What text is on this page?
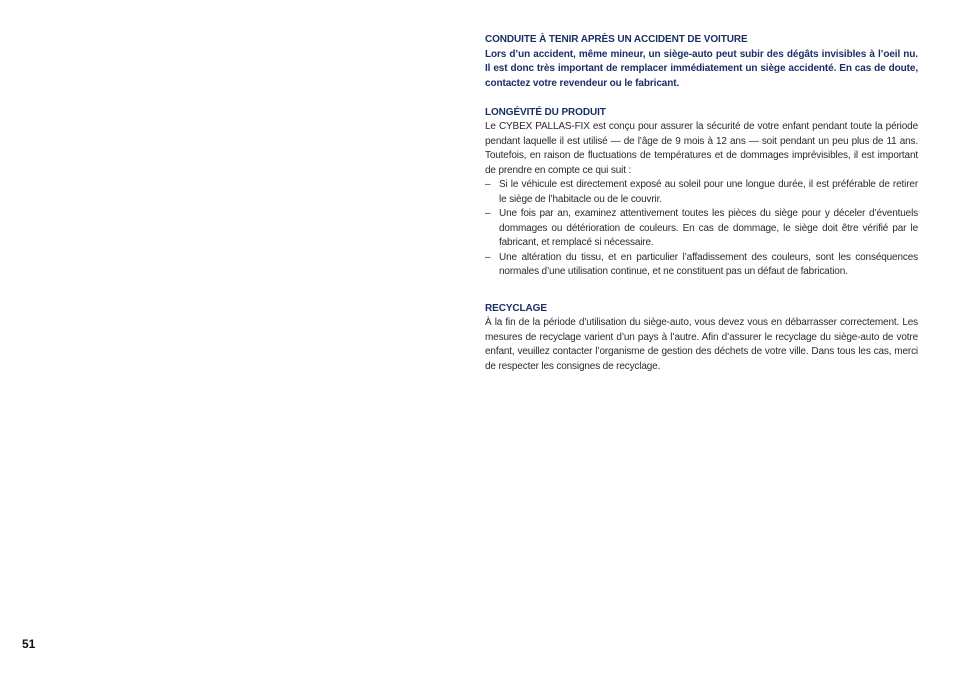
CONDUITE À TENIR APRÈS UN ACCIDENT DE VOITURE

Lors d’un accident, même mineur, un siège-auto peut subir des dégâts invisibles à l’oeil nu. Il est donc très important de remplacer immédiatement un siège accidenté. En cas de doute, contactez votre revendeur ou le fabricant.

LONGÉVITÉ DU PRODUIT

Le CYBEX PALLAS-FIX est conçu pour assurer la sécurité de votre enfant pendant toute la période pendant laquelle il est utilisé — de l’âge de 9 mois à 12 ans — soit pendant un peu plus de 11 ans. Toutefois, en raison de fluctuations de températures et de dommages imprévisibles, il est important de prendre en compte ce qui suit :

– Si le véhicule est directement exposé au soleil pour une longue durée, il est préférable de retirer le siège de l’habitacle ou de le couvrir.
– Une fois par an, examinez attentivement toutes les pièces du siège pour y déceler d’éventuels dommages ou détérioration de couleurs. En cas de dommage, le siège doit être vérifié par le fabricant, et remplacé si nécessaire.
– Une altération du tissu, et en particulier l’affadissement des couleurs, sont les conséquences normales d’une utilisation continue, et ne constituent pas un défaut de fabrication.
RECYCLAGE

À la fin de la période d’utilisation du siège-auto, vous devez vous en débarrasser correctement. Les mesures de recyclage varient d’un pays à l’autre. Afin d’assurer le recyclage du siège-auto de votre enfant, veuillez contacter l’organisme de gestion des déchets de votre ville. Dans tous les cas, merci de respecter les consignes de recyclage.

51
